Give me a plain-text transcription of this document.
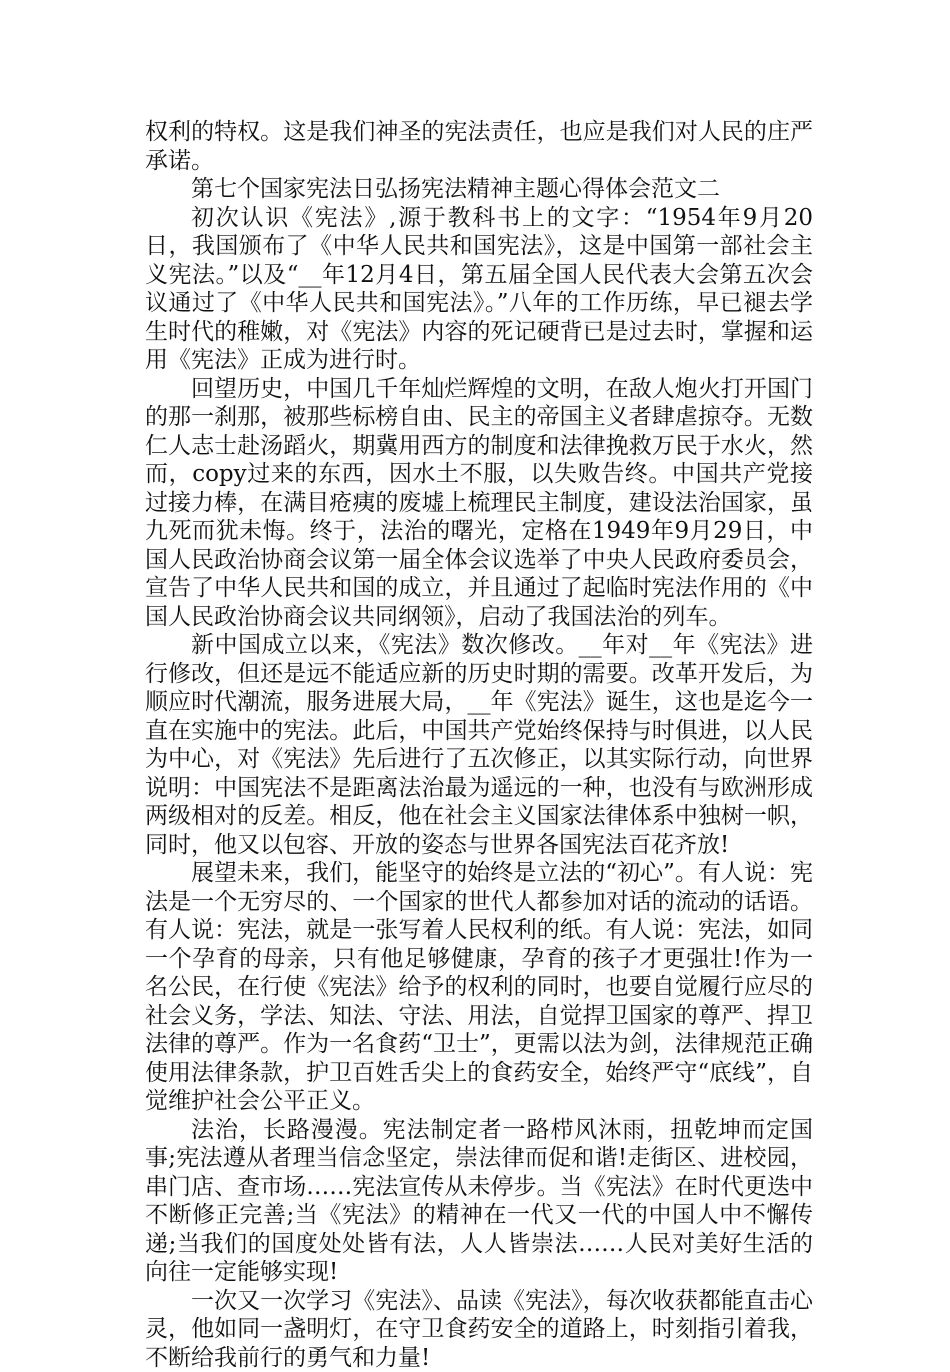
权利的特权。这是我们神圣的宪法责任，也应是我们对人民的庄严承诺。

第七个国家宪法日弘扬宪法精神主题心得体会范文二

初次认识《宪法》,源于教科书上的文字：“1954年9月20日，我国颁布了《中华人民共和国宪法》，这是中国第一部社会主义宪法。”以及“__年12月4日，第五届全国人民代表大会第五次会议通过了《中华人民共和国宪法》。”八年的工作历练，早已褪去学生时代的稚嫩，对《宪法》内容的死记硬背已是过去时，掌握和运用《宪法》正成为进行时。

回望历史，中国几千年灿烂辉煌的文明，在敌人炮火打开国门的那一刹那，被那些标榜自由、民主的帝国主义者肆虐掠夺。无数仁人志士赴汤蹈火，期冀用西方的制度和法律挽救万民于水火，然而，copy过来的东西，因水土不服，以失败告终。中国共产党接过接力棒，在满目疮痍的废墟上梳理民主制度，建设法治国家，虽九死而犹未悔。终于，法治的曙光，定格在1949年9月29日，中国人民政治协商会议第一届全体会议选举了中央人民政府委员会，宣告了中华人民共和国的成立，并且通过了起临时宪法作用的《中国人民政治协商会议共同纲领》，启动了我国法治的列车。

新中国成立以来，《宪法》数次修改。__年对__年《宪法》进行修改，但还是远不能适应新的历史时期的需要。改革开发后，为顺应时代潮流，服务进展大局，__年《宪法》诞生，这也是迄今一直在实施中的宪法。此后，中国共产党始终保持与时俱进，以人民为中心，对《宪法》先后进行了五次修正，以其实际行动，向世界说明：中国宪法不是距离法治最为遥远的一种，也没有与欧洲形成两级相对的反差。相反，他在社会主义国家法律体系中独树一帜，同时，他又以包容、开放的姿态与世界各国宪法百花齐放!

展望未来，我们，能坚守的始终是立法的“初心”。有人说：宪法是一个无穷尽的、一个国家的世代人都参加对话的流动的话语。有人说：宪法，就是一张写着人民权利的纸。有人说：宪法，如同一个孕育的母亲，只有他足够健康，孕育的孩子才更强壮!作为一名公民，在行使《宪法》给予的权利的同时，也要自觉履行应尽的社会义务，学法、知法、守法、用法，自觉捍卫国家的尊严、捍卫法律的尊严。作为一名食药“卫士”，更需以法为剑，法律规范正确使用法律条款，护卫百姓舌尖上的食药安全，始终严守“底线”，自觉维护社会公平正义。

法治，长路漫漫。宪法制定者一路栉风沐雨，扭乾坤而定国事;宪法遵从者理当信念坚定，崇法律而促和谐!走街区、进校园，串门店、查市场……宪法宣传从未停步。当《宪法》在时代更迭中不断修正完善;当《宪法》的精神在一代又一代的中国人中不懈传递;当我们的国度处处皆有法，人人皆崇法……人民对美好生活的向往一定能够实现!

一次又一次学习《宪法》、品读《宪法》，每次收获都能直击心灵，他如同一盏明灯，在守卫食药安全的道路上，时刻指引着我，不断给我前行的勇气和力量!
